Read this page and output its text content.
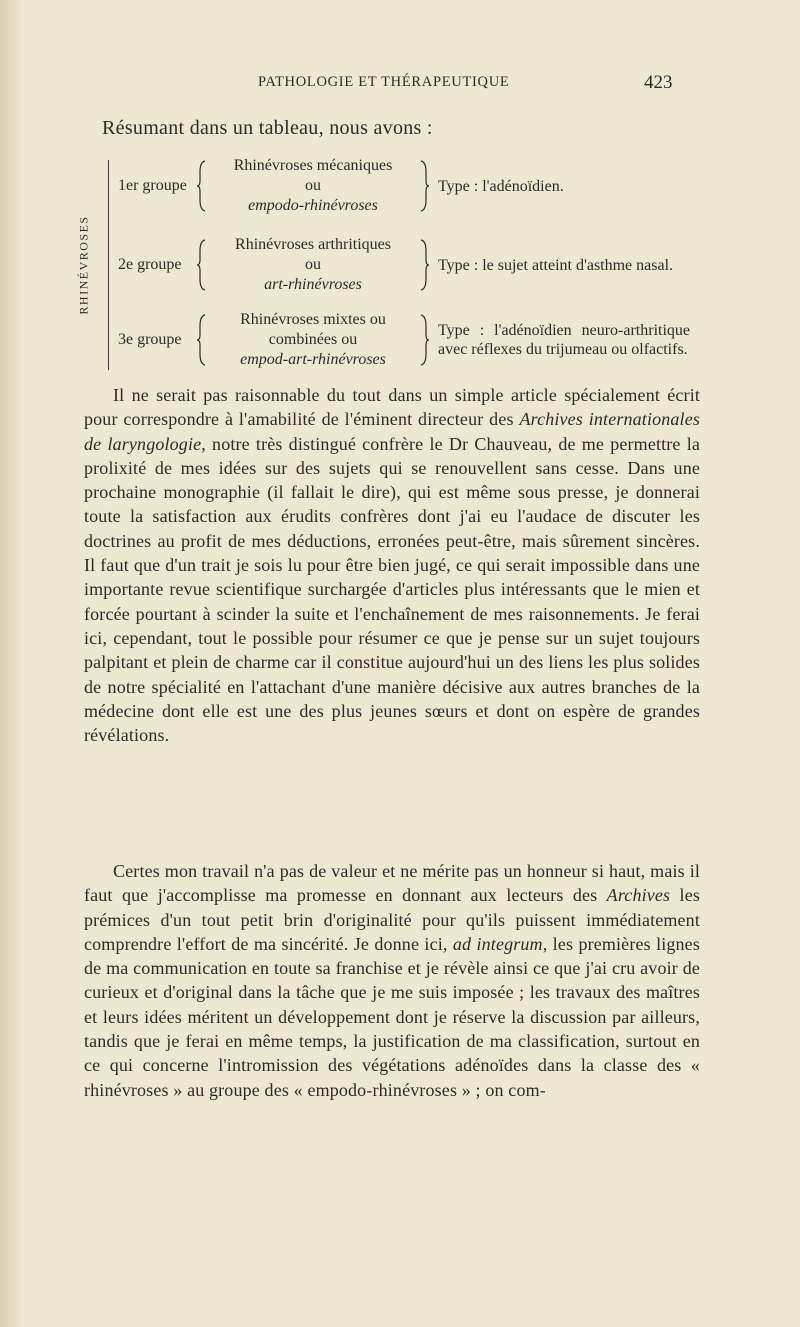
PATHOLOGIE ET THÉRAPEUTIQUE	423
Résumant dans un tableau, nous avons :
RHINÉVROSES
1er groupe
Rhinévroses mécaniques
ou
empodo-rhinévroses
Type : l'adénoïdien.
2e groupe
Rhinévroses arthritiques
ou
art-rhinévroses
Type : le sujet atteint d'asthme nasal.
3e groupe
Rhinévroses mixtes ou
combinées ou
empod-art-rhinévroses
Type : l'adénoïdien neuro-arthritique avec réflexes du trijumeau ou olfactifs.

Il ne serait pas raisonnable du tout dans un simple article spécialement écrit pour correspondre à l'amabilité de l'éminent directeur des Archives internationales de laryngologie, notre très distingué confrère le Dr Chauveau, de me permettre la prolixité de mes idées sur des sujets qui se renouvellent sans cesse. Dans une prochaine monographie (il fallait le dire), qui est même sous presse, je donnerai toute la satisfaction aux érudits confrères dont j'ai eu l'audace de discuter les doctrines au profit de mes déductions, erronées peut-être, mais sûrement sincères. Il faut que d'un trait je sois lu pour être bien jugé, ce qui serait impossible dans une importante revue scientifique surchargée d'articles plus intéressants que le mien et forcée pourtant à scinder la suite et l'enchaînement de mes raisonnements. Je ferai ici, cependant, tout le possible pour résumer ce que je pense sur un sujet toujours palpitant et plein de charme car il constitue aujourd'hui un des liens les plus solides de notre spécialité en l'attachant d'une manière décisive aux autres branches de la médecine dont elle est une des plus jeunes sœurs et dont on espère de grandes révélations.

Certes mon travail n'a pas de valeur et ne mérite pas un honneur si haut, mais il faut que j'accomplisse ma promesse en donnant aux lecteurs des Archives les prémices d'un tout petit brin d'originalité pour qu'ils puissent immédiatement comprendre l'effort de ma sincérité. Je donne ici, ad integrum, les premières lignes de ma communication en toute sa franchise et je révèle ainsi ce que j'ai cru avoir de curieux et d'original dans la tâche que je me suis imposée ; les travaux des maîtres et leurs idées méritent un développement dont je réserve la discussion par ailleurs, tandis que je ferai en même temps, la justification de ma classification, surtout en ce qui concerne l'intromission des végétations adénoïdes dans la classe des « rhinévroses » au groupe des « empodo-rhinévroses » ; on com-
